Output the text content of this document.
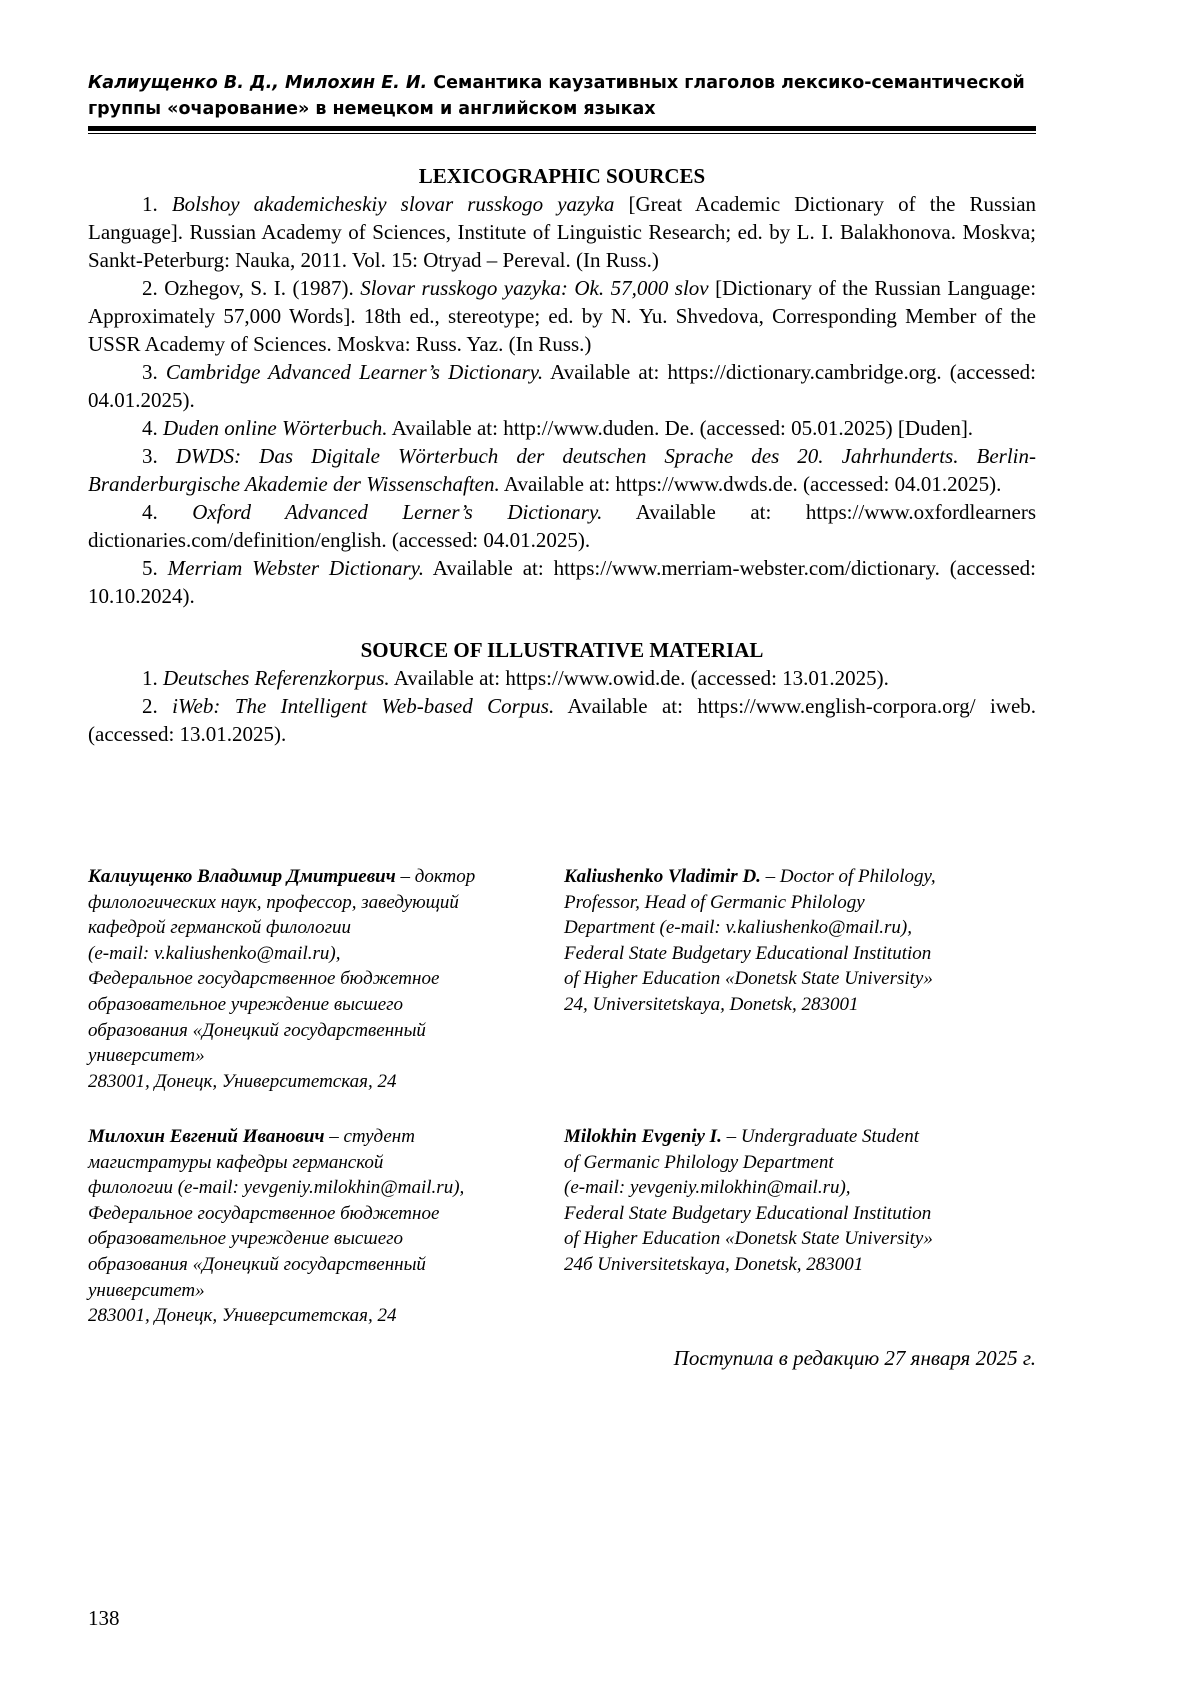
Калиущенко В. Д., Милохин Е. И. Семантика каузативных глаголов лексико-семантической
группы «очарование» в немецком и английском языках
LEXICOGRAPHIC SOURCES

1. Bolshoy akademicheskiy slovar russkogo yazyka [Great Academic Dictionary of the Russian Language]. Russian Academy of Sciences, Institute of Linguistic Research; ed. by L. I. Balakhonova. Moskva; Sankt-Peterburg: Nauka, 2011. Vol. 15: Otryad – Pereval. (In Russ.)

2. Ozhegov, S. I. (1987). Slovar russkogo yazyka: Ok. 57,000 slov [Dictionary of the Russian Language: Approximately 57,000 Words]. 18th ed., stereotype; ed. by N. Yu. Shvedova, Corresponding Member of the USSR Academy of Sciences. Moskva: Russ. Yaz. (In Russ.)

3. Cambridge Advanced Learner’s Dictionary. Available at: https://dictionary.cambridge.org. (accessed: 04.01.2025).

4. Duden online Wörterbuch. Available at: http://www.duden. De. (accessed: 05.01.2025) [Duden].

3. DWDS: Das Digitale Wörterbuch der deutschen Sprache des 20. Jahrhunderts. Berlin-Branderburgische Akademie der Wissenschaften. Available at: https://www.dwds.de. (accessed: 04.01.2025).

4. Oxford Advanced Lerner’s Dictionary. Available at: https://www.oxfordlearners dictionaries.com/definition/english. (accessed: 04.01.2025).

5. Merriam Webster Dictionary. Available at: https://www.merriam-webster.com/dictionary. (accessed: 10.10.2024).

SOURCE OF ILLUSTRATIVE MATERIAL

1. Deutsches Referenzkorpus. Available at: https://www.owid.de. (accessed: 13.01.2025).

2. iWeb: The Intelligent Web-based Corpus. Available at: https://www.english-corpora.org/ iweb. (accessed: 13.01.2025).

Калиущенко Владимир Дмитриевич – доктор
филологических наук, профессор, заведующий
кафедрой германской филологии
(e-mail: v.kaliushenko@mail.ru),
Федеральное государственное бюджетное
образовательное учреждение высшего
образования «Донецкий государственный
университет»
283001, Донецк, Университетская, 24
Kaliushenko Vladimir D. – Doctor of Philology,
Professor, Head of Germanic Philology
Department (e-mail: v.kaliushenko@mail.ru),
Federal State Budgetary Educational Institution
of Higher Education «Donetsk State University»
24, Universitetskaya, Donetsk, 283001
Милохин Евгений Иванович – студент
магистратуры кафедры германской
филологии (e-mail: yevgeniy.milokhin@mail.ru),
Федеральное государственное бюджетное
образовательное учреждение высшего
образования «Донецкий государственный
университет»
283001, Донецк, Университетская, 24
Milokhin Evgeniy I. – Undergraduate Student
of Germanic Philology Department
(e-mail: yevgeniy.milokhin@mail.ru),
Federal State Budgetary Educational Institution
of Higher Education «Donetsk State University»
24б Universitetskaya, Donetsk, 283001
Поступила в редакцию 27 января 2025 г.
138
